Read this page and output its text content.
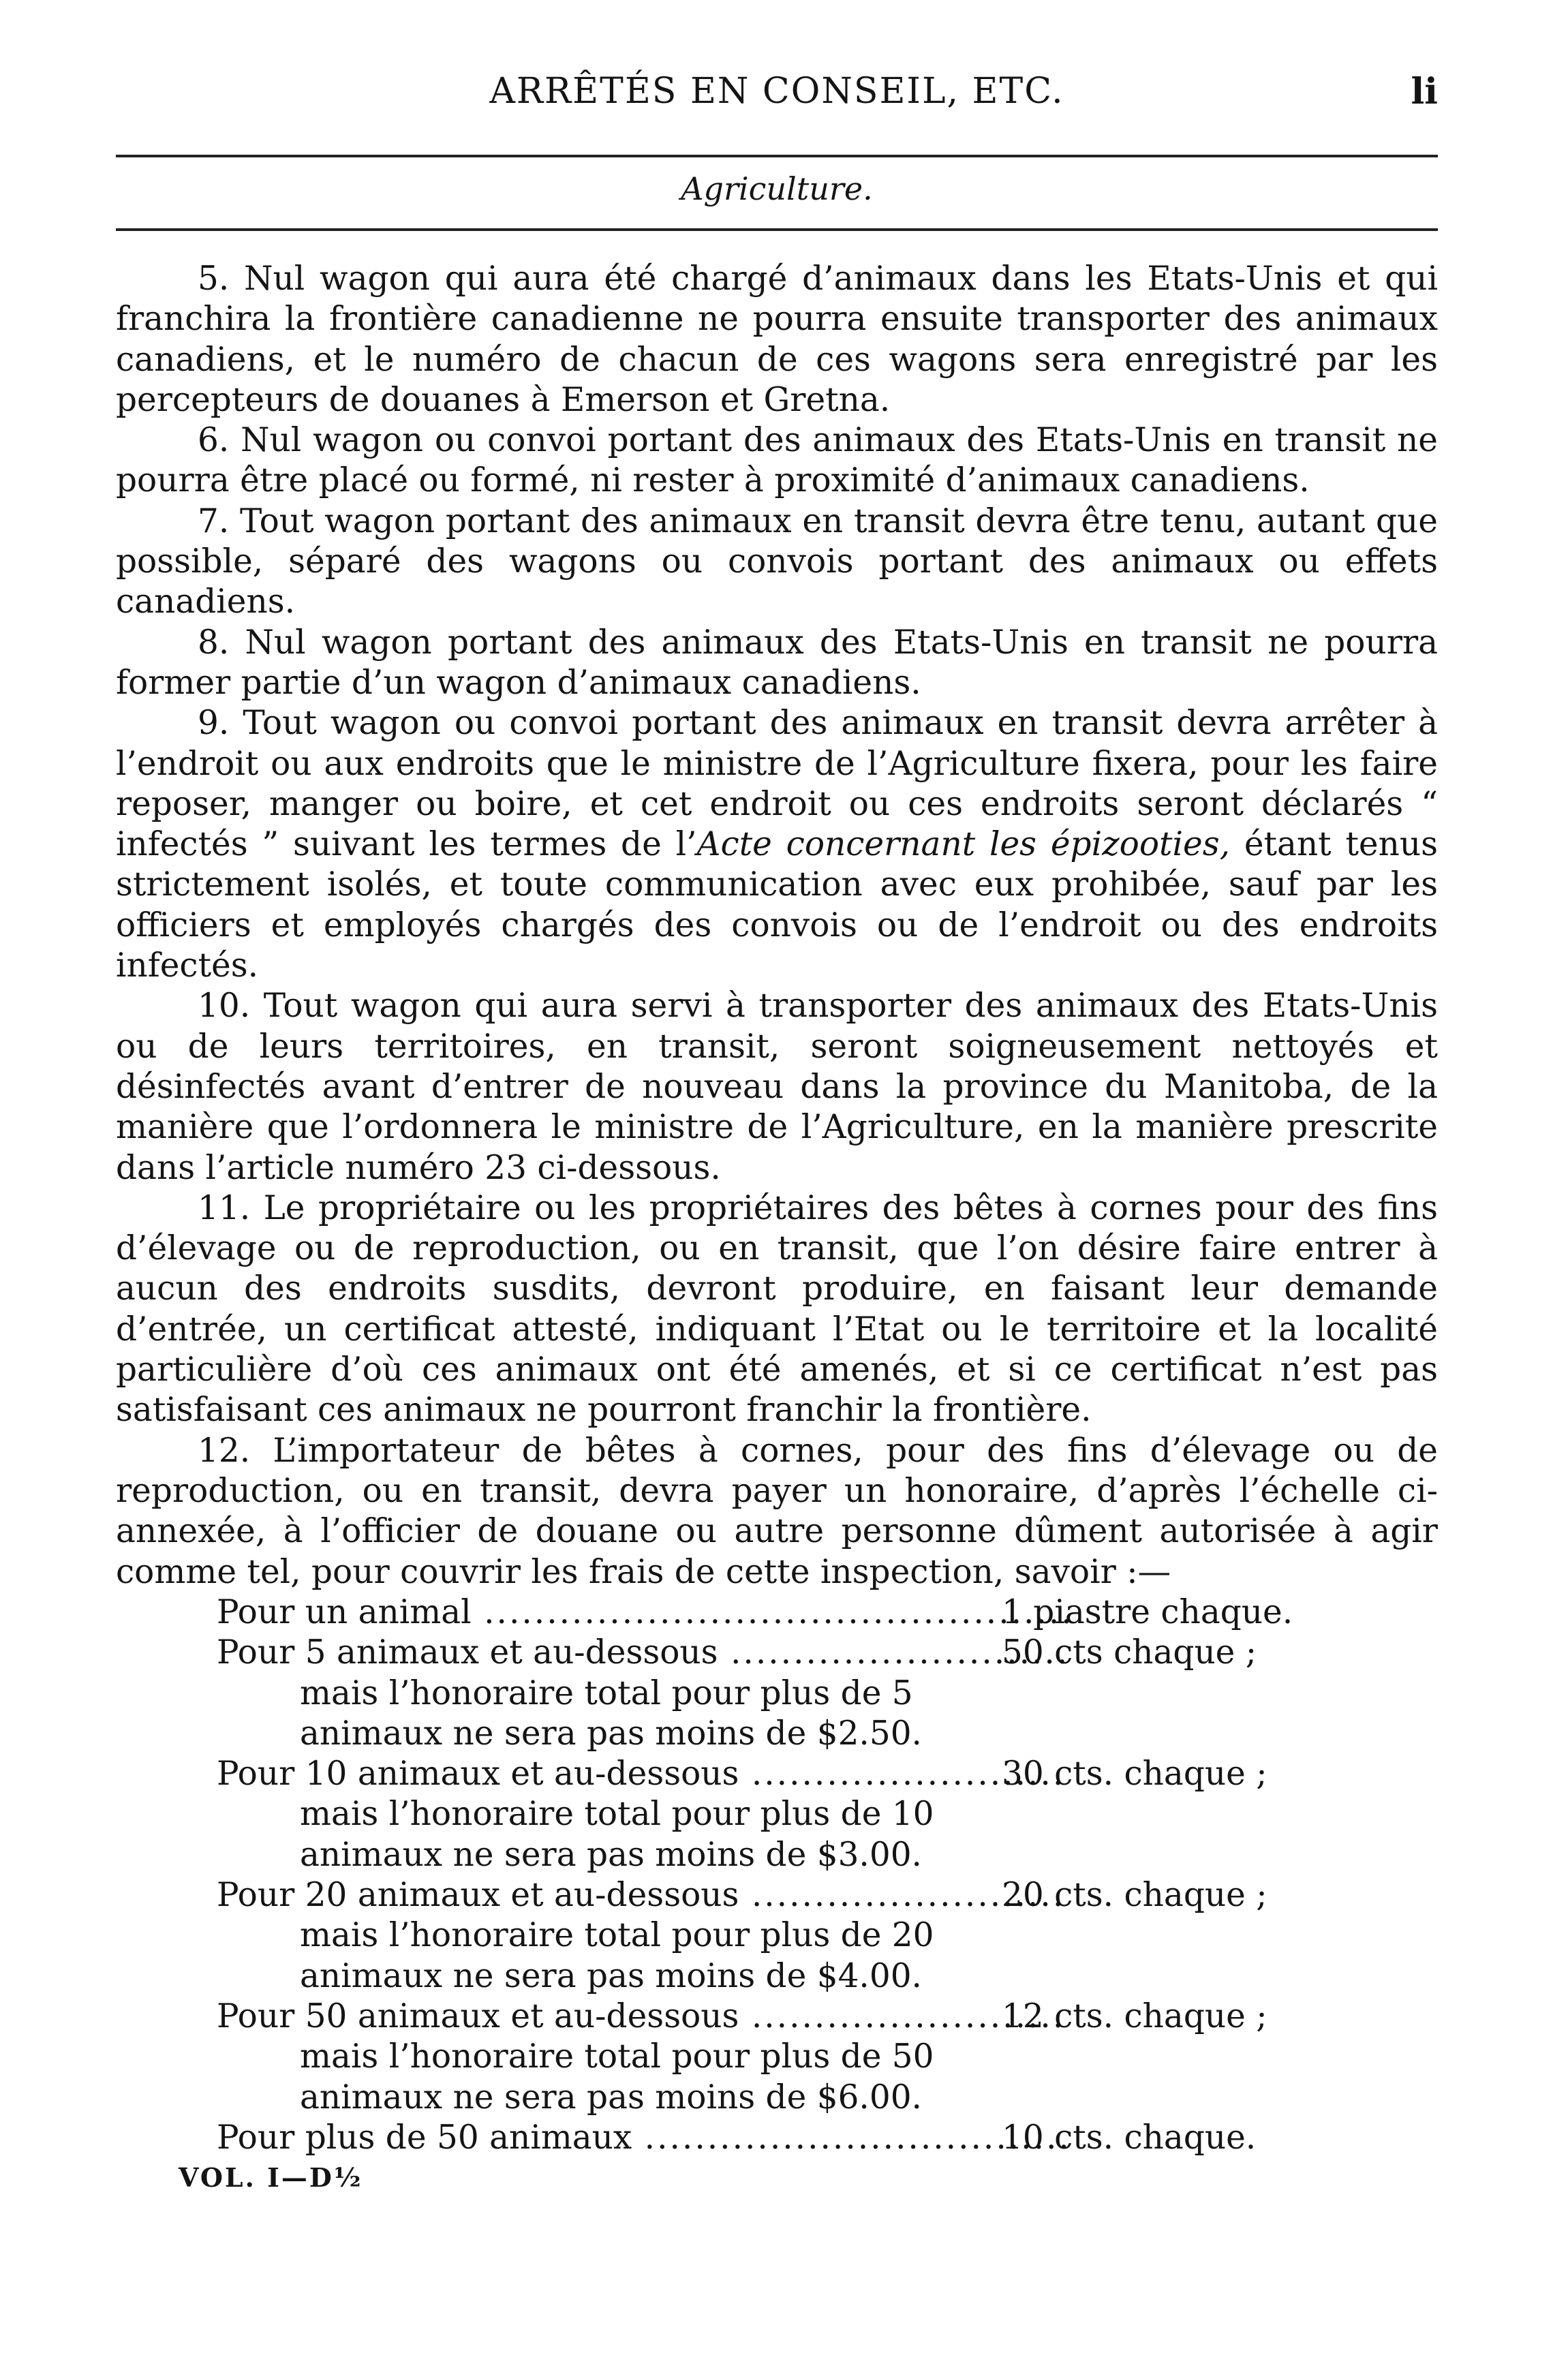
ARRÊTÉS EN CONSEIL, ETC.	li
Agriculture.

5. Nul wagon qui aura été chargé d’animaux dans les Etats-Unis et qui franchira la frontière canadienne ne pourra ensuite transporter des animaux canadiens, et le numéro de chacun de ces wagons sera enregistré par les percepteurs de douanes à Emerson et Gretna.

6. Nul wagon ou convoi portant des animaux des Etats-Unis en transit ne pourra être placé ou formé, ni rester à proximité d’animaux canadiens.

7. Tout wagon portant des animaux en transit devra être tenu, autant que possible, séparé des wagons ou convois portant des animaux ou effets canadiens.

8. Nul wagon portant des animaux des Etats-Unis en transit ne pourra former partie d’un wagon d’animaux canadiens.

9. Tout wagon ou convoi portant des animaux en transit devra arrêter à l’endroit ou aux endroits que le ministre de l’Agriculture fixera, pour les faire reposer, manger ou boire, et cet endroit ou ces endroits seront déclarés “ infectés ” suivant les termes de l’Acte concernant les épizooties, étant tenus strictement isolés, et toute communication avec eux prohibée, sauf par les officiers et employés chargés des convois ou de l’endroit ou des endroits infectés.

10. Tout wagon qui aura servi à transporter des animaux des Etats-Unis ou de leurs territoires, en transit, seront soigneusement nettoyés et désinfectés avant d’entrer de nouveau dans la province du Manitoba, de la manière que l’ordonnera le ministre de l’Agriculture, en la manière prescrite dans l’article numéro 23 ci-dessous.

11. Le propriétaire ou les propriétaires des bêtes à cornes pour des fins d’élevage ou de reproduction, ou en transit, que l’on désire faire entrer à aucun des endroits susdits, devront produire, en faisant leur demande d’entrée, un certificat attesté, indiquant l’Etat ou le territoire et la localité particulière d’où ces animaux ont été amenés, et si ce certificat n’est pas satisfaisant ces animaux ne pourront franchir la frontière.

12. L’importateur de bêtes à cornes, pour des fins d’élevage ou de reproduction, ou en transit, devra payer un honoraire, d’après l’échelle ci-annexée, à l’officier de douane ou autre personne dûment autorisée à agir comme tel, pour couvrir les frais de cette inspection, savoir :—

Pour un animal ...............................................
1 piastre chaque.
Pour 5 animaux et au-dessous ...........................
50 cts chaque ;
mais l’honoraire total pour plus de 5
animaux ne sera pas moins de $2.50.
Pour 10 animaux et au-dessous .........................
30 cts. chaque ;
mais l’honoraire total pour plus de 10
animaux ne sera pas moins de $3.00.
Pour 20 animaux et au-dessous .........................
20 cts. chaque ;
mais l’honoraire total pour plus de 20
animaux ne sera pas moins de $4.00.
Pour 50 animaux et au-dessous .........................
12 cts. chaque ;
mais l’honoraire total pour plus de 50
animaux ne sera pas moins de $6.00.
Pour plus de 50 animaux ..................................
10 cts. chaque.
VOL. I—D½
